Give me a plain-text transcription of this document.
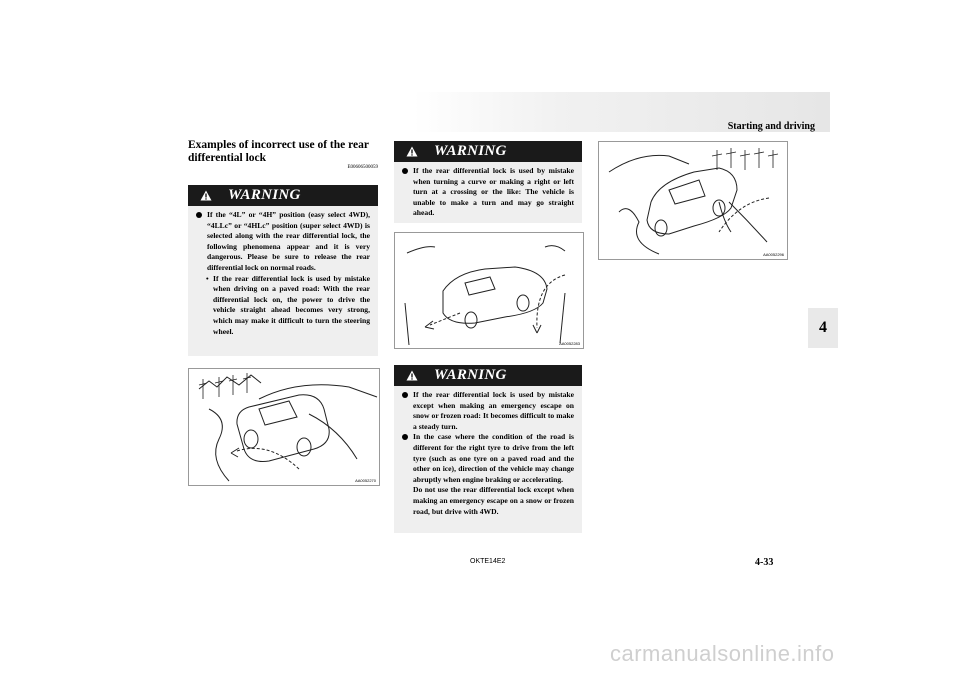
Starting and driving
4
Examples of incorrect use of the rear differential lock
E00606500059
WARNING
If the “4L” or “4H” position (easy select 4WD), “4LLc” or “4HLc” position (super select 4WD) is selected along with the rear differential lock, the following phenomena appear and it is very dangerous. Please be sure to release the rear differential lock on normal roads.
• If the rear differential lock is used by mistake when driving on a paved road: With the rear differential lock on, the power to drive the vehicle straight ahead becomes very strong, which may make it difficult to turn the steering wheel.
AA0052270
WARNING
If the rear differential lock is used by mistake when turning a curve or making a right or left turn at a crossing or the like: The vehicle is unable to make a turn and may go straight ahead.
AA0052283
WARNING
If the rear differential lock is used by mistake except when making an emergency escape on snow or frozen road: It becomes difficult to make a steady turn.
In the case where the condition of the road is different for the right tyre to drive from the left tyre (such as one tyre on a paved road and the other on ice), direction of the vehicle may change abruptly when engine braking or accelerating.
Do not use the rear differential lock except when making an emergency escape on a snow or frozen road, but drive with 4WD.
AA0052296
OKTE14E2	4-33
carmanualsonline.info
